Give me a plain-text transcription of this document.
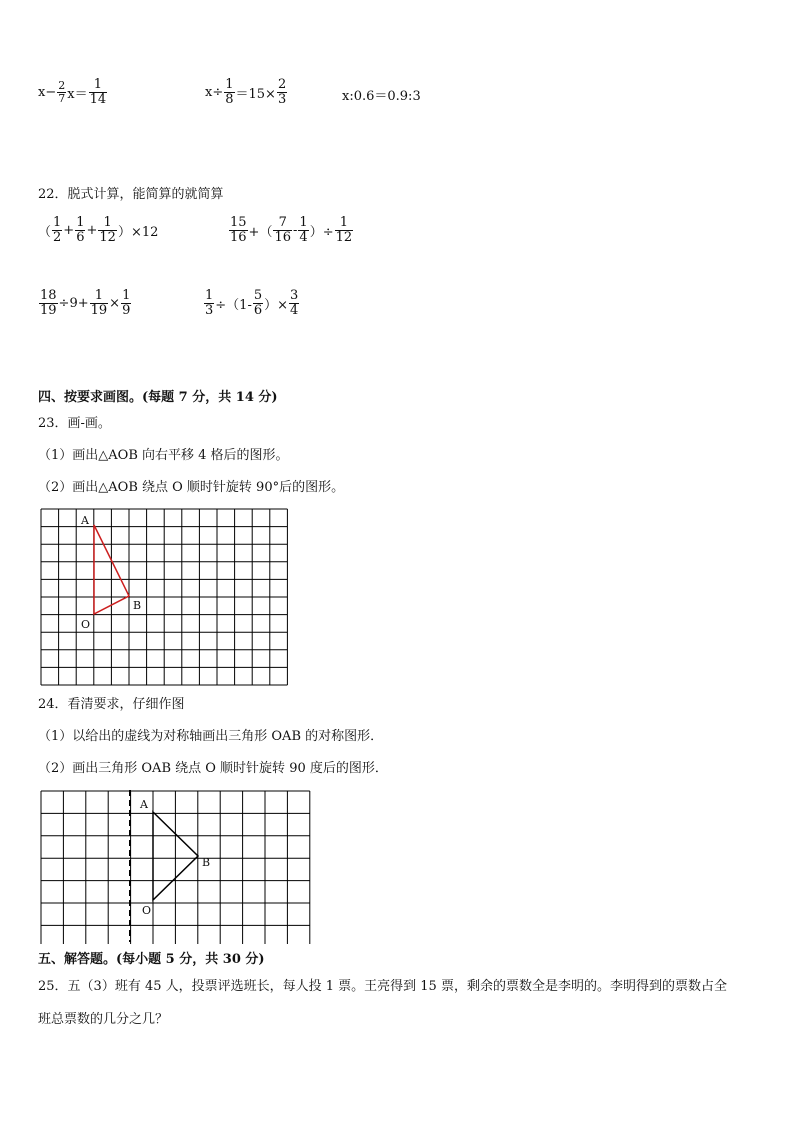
$x- \frac{2}{7} x= \frac{1}{14}$	$x\div \frac{1}{8} =15\times \frac{2}{3}$	x:0.6＝0.9:3
22．脱式计算，能简算的就简算
（ $\frac{1}{2} + \frac{1}{6} + \frac{1}{12} )\times 12$	$\frac{15}{16}$ +（ $\frac{7}{16} - \frac{1}{4}$ ）÷ $\frac{1}{12}$
$\frac{18}{19} \div 9+ \frac{1}{19} \times \frac{1}{9}$	$\frac{1}{3} \div(1- \frac{5}{6}$ ）× $\frac{3}{4}$
四、按要求画图。(每题 7 分，共 14 分)
23．画-画。
（1）画出△AOB 向右平移 4 格后的图形。
（2）画出△AOB 绕点 O 顺时针旋转 90°后的图形。
A
B
O
24．看清要求，仔细作图
（1）以给出的虚线为对称轴画出三角形 OAB 的对称图形．
（2）画出三角形 OAB 绕点 O 顺时针旋转 90 度后的图形．
A
B
O
五、解答题。(每小题 5 分，共 30 分)
25．五（3）班有 45 人，投票评选班长，每人投 1 票。王亮得到 15 票，剩余的票数全是李明的。李明得到的票数占全
班总票数的几分之几？
